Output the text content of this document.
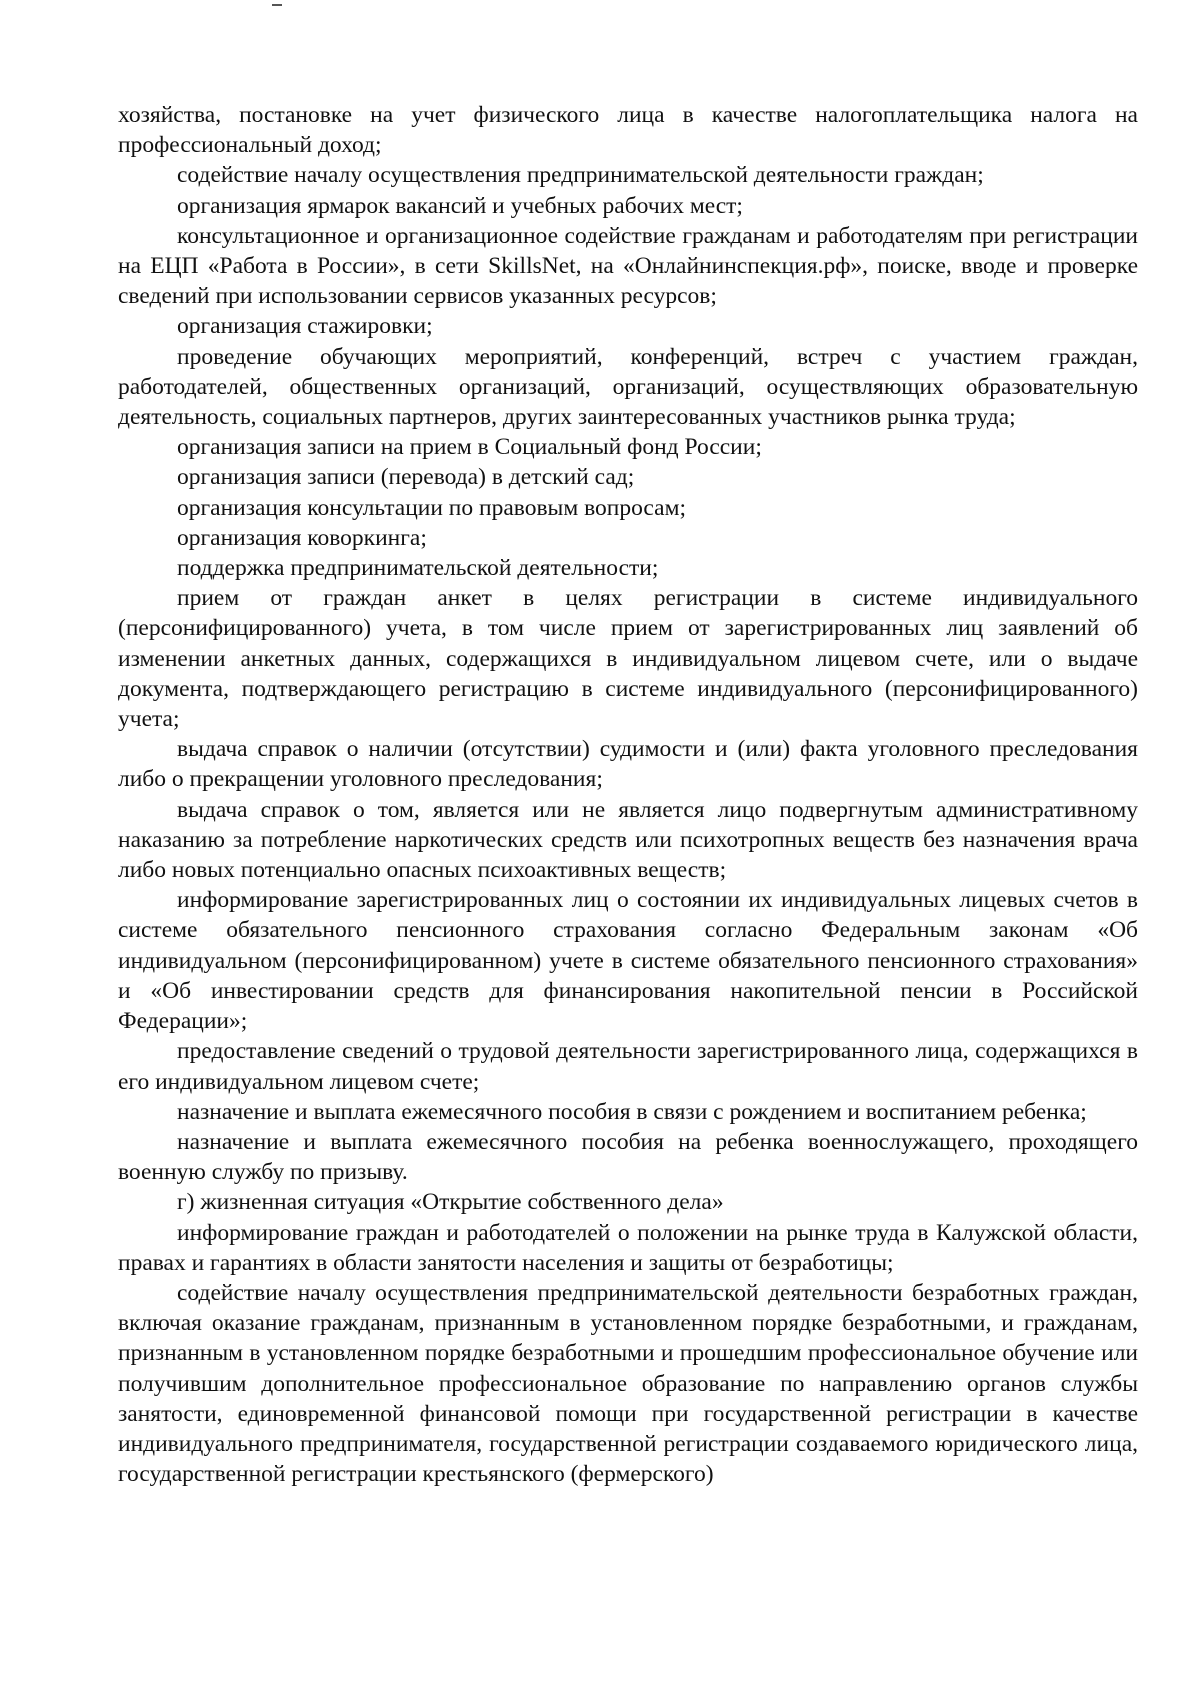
хозяйства, постановке на учет физического лица в качестве налогоплательщика налога на профессиональный доход;

содействие началу осуществления предпринимательской деятельности граждан;

организация ярмарок вакансий и учебных рабочих мест;

консультационное и организационное содействие гражданам и работодателям при регистрации на ЕЦП «Работа в России», в сети SkillsNet, на «Онлайнинспекция.рф», поиске, вводе и проверке сведений при использовании сервисов указанных ресурсов;

организация стажировки;

проведение обучающих мероприятий, конференций, встреч с участием граждан, работодателей, общественных организаций, организаций, осуществляющих образовательную деятельность, социальных партнеров, других заинтересованных участников рынка труда;

организация записи на прием в Социальный фонд России;

организация записи (перевода) в детский сад;

организация консультации по правовым вопросам;

организация коворкинга;

поддержка предпринимательской деятельности;

прием от граждан анкет в целях регистрации в системе индивидуального (персонифицированного) учета, в том числе прием от зарегистрированных лиц заявлений об изменении анкетных данных, содержащихся в индивидуальном лицевом счете, или о выдаче документа, подтверждающего регистрацию в системе индивидуального (персонифицированного) учета;

выдача справок о наличии (отсутствии) судимости и (или) факта уголовного преследования либо о прекращении уголовного преследования;

выдача справок о том, является или не является лицо подвергнутым административному наказанию за потребление наркотических средств или психотропных веществ без назначения врача либо новых потенциально опасных психоактивных веществ;

информирование зарегистрированных лиц о состоянии их индивидуальных лицевых счетов в системе обязательного пенсионного страхования согласно Федеральным законам «Об индивидуальном (персонифицированном) учете в системе обязательного пенсионного страхования» и «Об инвестировании средств для финансирования накопительной пенсии в Российской Федерации»;

предоставление сведений о трудовой деятельности зарегистрированного лица, содержащихся в его индивидуальном лицевом счете;

назначение и выплата ежемесячного пособия в связи с рождением и воспитанием ребенка;

назначение и выплата ежемесячного пособия на ребенка военнослужащего, проходящего военную службу по призыву.

г) жизненная ситуация «Открытие собственного дела»

информирование граждан и работодателей о положении на рынке труда в Калужской области, правах и гарантиях в области занятости населения и защиты от безработицы;

содействие началу осуществления предпринимательской деятельности безработных граждан, включая оказание гражданам, признанным в установленном порядке безработными, и гражданам, признанным в установленном порядке безработными и прошедшим профессиональное обучение или получившим дополнительное профессиональное образование по направлению органов службы занятости, единовременной финансовой помощи при государственной регистрации в качестве индивидуального предпринимателя, государственной регистрации создаваемого юридического лица, государственной регистрации крестьянского (фермерского)
